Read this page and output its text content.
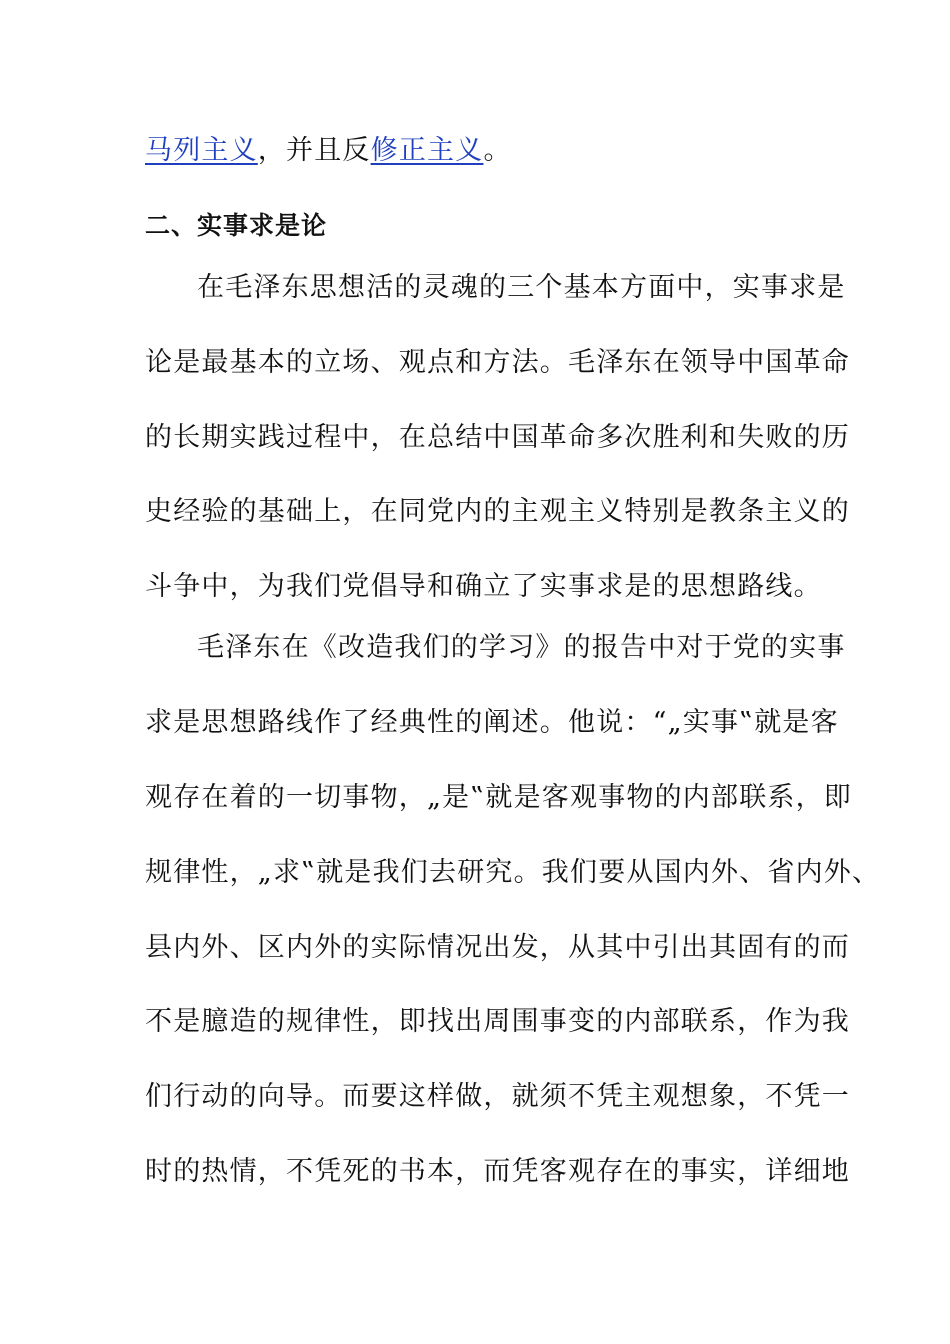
马列主义，并且反修正主义。
二、实事求是论
在毛泽东思想活的灵魂的三个基本方面中，实事求是
论是最基本的立场、观点和方法。毛泽东在领导中国革命
的长期实践过程中，在总结中国革命多次胜利和失败的历
史经验的基础上，在同党内的主观主义特别是教条主义的
斗争中，为我们党倡导和确立了实事求是的思想路线。
毛泽东在《改造我们的学习》的报告中对于党的实事
求是思想路线作了经典性的阐述。他说：“„实事‟就是客
观存在着的一切事物，„是‟就是客观事物的内部联系，即
规律性，„求‟就是我们去研究。我们要从国内外、省内外、
县内外、区内外的实际情况出发，从其中引出其固有的而
不是臆造的规律性，即找出周围事变的内部联系，作为我
们行动的向导。而要这样做，就须不凭主观想象，不凭一
时的热情，不凭死的书本，而凭客观存在的事实，详细地
